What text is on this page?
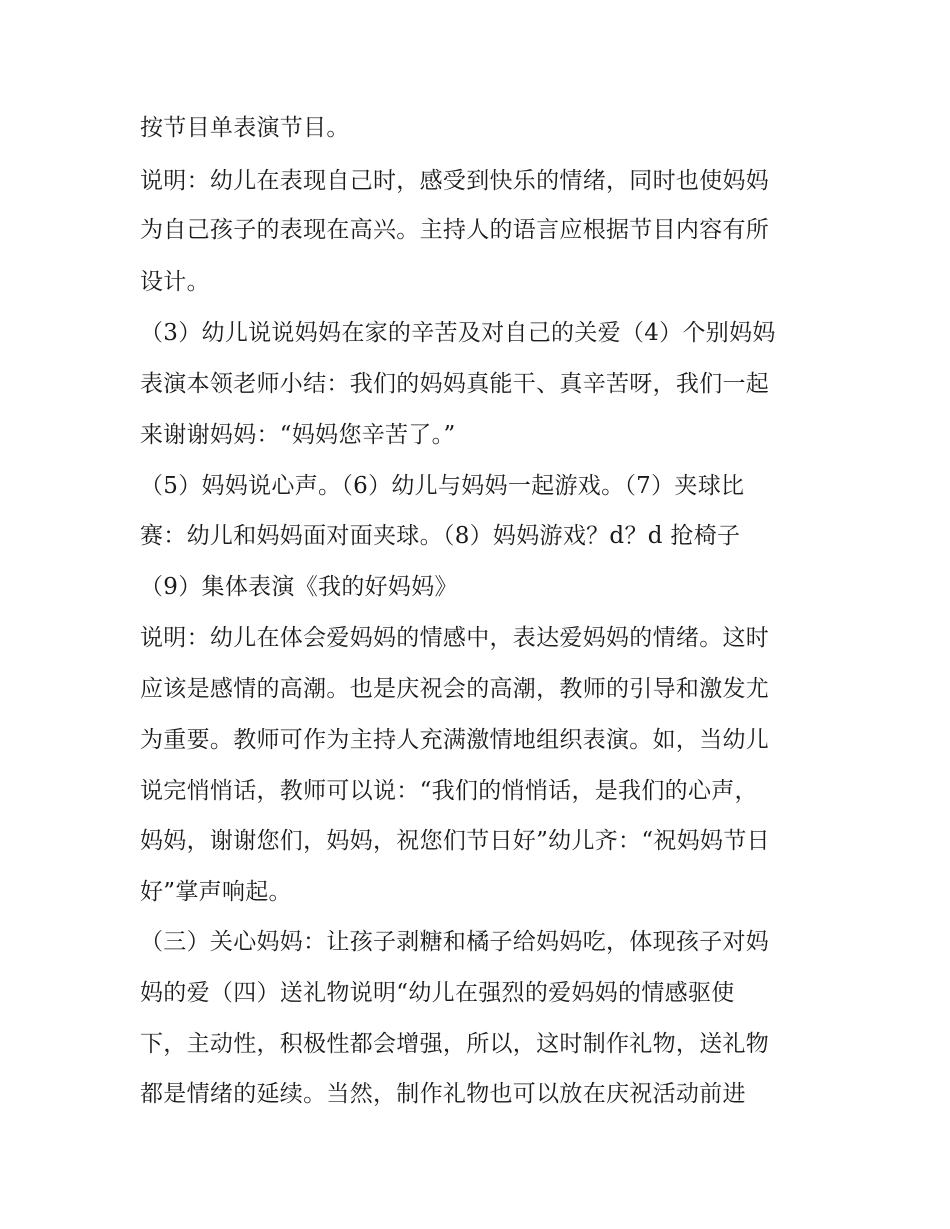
按节目单表演节目。
说明：幼儿在表现自己时，感受到快乐的情绪，同时也使妈妈
为自己孩子的表现在高兴。主持人的语言应根据节目内容有所
设计。
（3）幼儿说说妈妈在家的辛苦及对自己的关爱（4）个别妈妈
表演本领老师小结：我们的妈妈真能干、真辛苦呀，我们一起
来谢谢妈妈：“妈妈您辛苦了。”
（5）妈妈说心声。（6）幼儿与妈妈一起游戏。（7）夹球比
赛：幼儿和妈妈面对面夹球。（8）妈妈游戏？d？d 抢椅子
（9）集体表演《我的好妈妈》
说明：幼儿在体会爱妈妈的情感中，表达爱妈妈的情绪。这时
应该是感情的高潮。也是庆祝会的高潮，教师的引导和激发尤
为重要。教师可作为主持人充满激情地组织表演。如，当幼儿
说完悄悄话，教师可以说：“我们的悄悄话，是我们的心声，
妈妈，谢谢您们，妈妈，祝您们节日好”幼儿齐：“祝妈妈节日
好”掌声响起。
（三）关心妈妈：让孩子剥糖和橘子给妈妈吃，体现孩子对妈
妈的爱（四）送礼物说明“幼儿在强烈的爱妈妈的情感驱使
下，主动性，积极性都会增强，所以，这时制作礼物，送礼物
都是情绪的延续。当然，制作礼物也可以放在庆祝活动前进
